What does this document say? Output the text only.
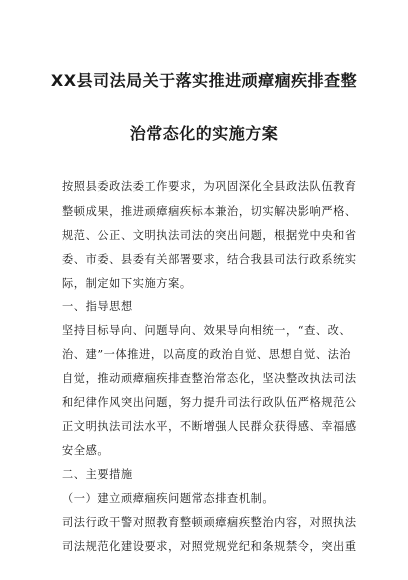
XX县司法局关于落实推进顽瘴痼疾排查整
治常态化的实施方案
按照县委政法委工作要求，为巩固深化全县政法队伍教育
整顿成果，推进顽瘴痼疾标本兼治，切实解决影响严格、
规范、公正、文明执法司法的突出问题，根据党中央和省
委、市委、县委有关部署要求，结合我县司法行政系统实
际，制定如下实施方案。
一、指导思想
坚持目标导向、问题导向、效果导向相统一，“查、改、
治、建”一体推进，以高度的政治自觉、思想自觉、法治
自觉，推动顽瘴痼疾排查整治常态化，坚决整改执法司法
和纪律作风突出问题，努力提升司法行政队伍严格规范公
正文明执法司法水平，不断增强人民群众获得感、幸福感
安全感。
二、主要措施
（一）建立顽瘴痼疾问题常态排查机制。
司法行政干警对照教育整顿顽瘴痼疾整治内容，对照执法
司法规范化建设要求，对照党规党纪和条规禁令，突出重
